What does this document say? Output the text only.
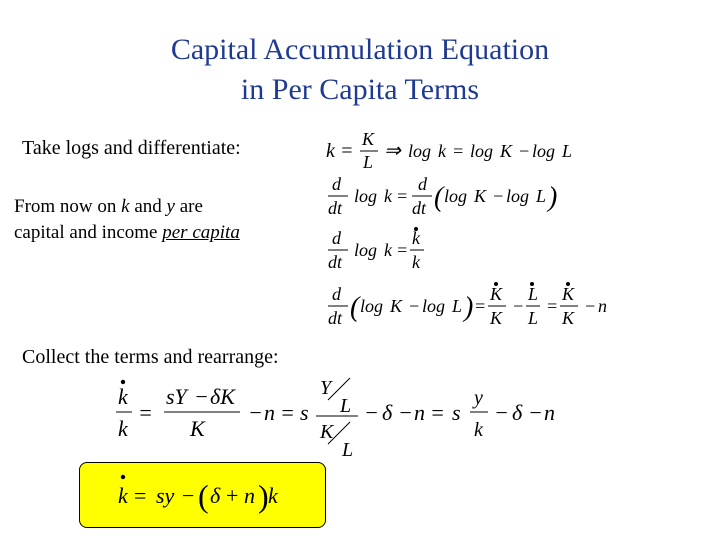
Capital Accumulation Equation
in Per Capita Terms
Take logs and differentiate:
From now on k and y are
capital and income per capita
Collect the terms and rearrange:
k =
K
L ⇒ log k = log K − log L
d
dt
log k =
d
dt ( log K − log L )
d
dt
log k =
k
k
d
dt ( log K − log L ) =
K
K
−
L
L
=
K
K
− n
k
k
=
sY − δK
K
− n = s
Y
L
K
L
− δ − n = s
y
k
− δ − n
k = sy − ( δ + n ) k
